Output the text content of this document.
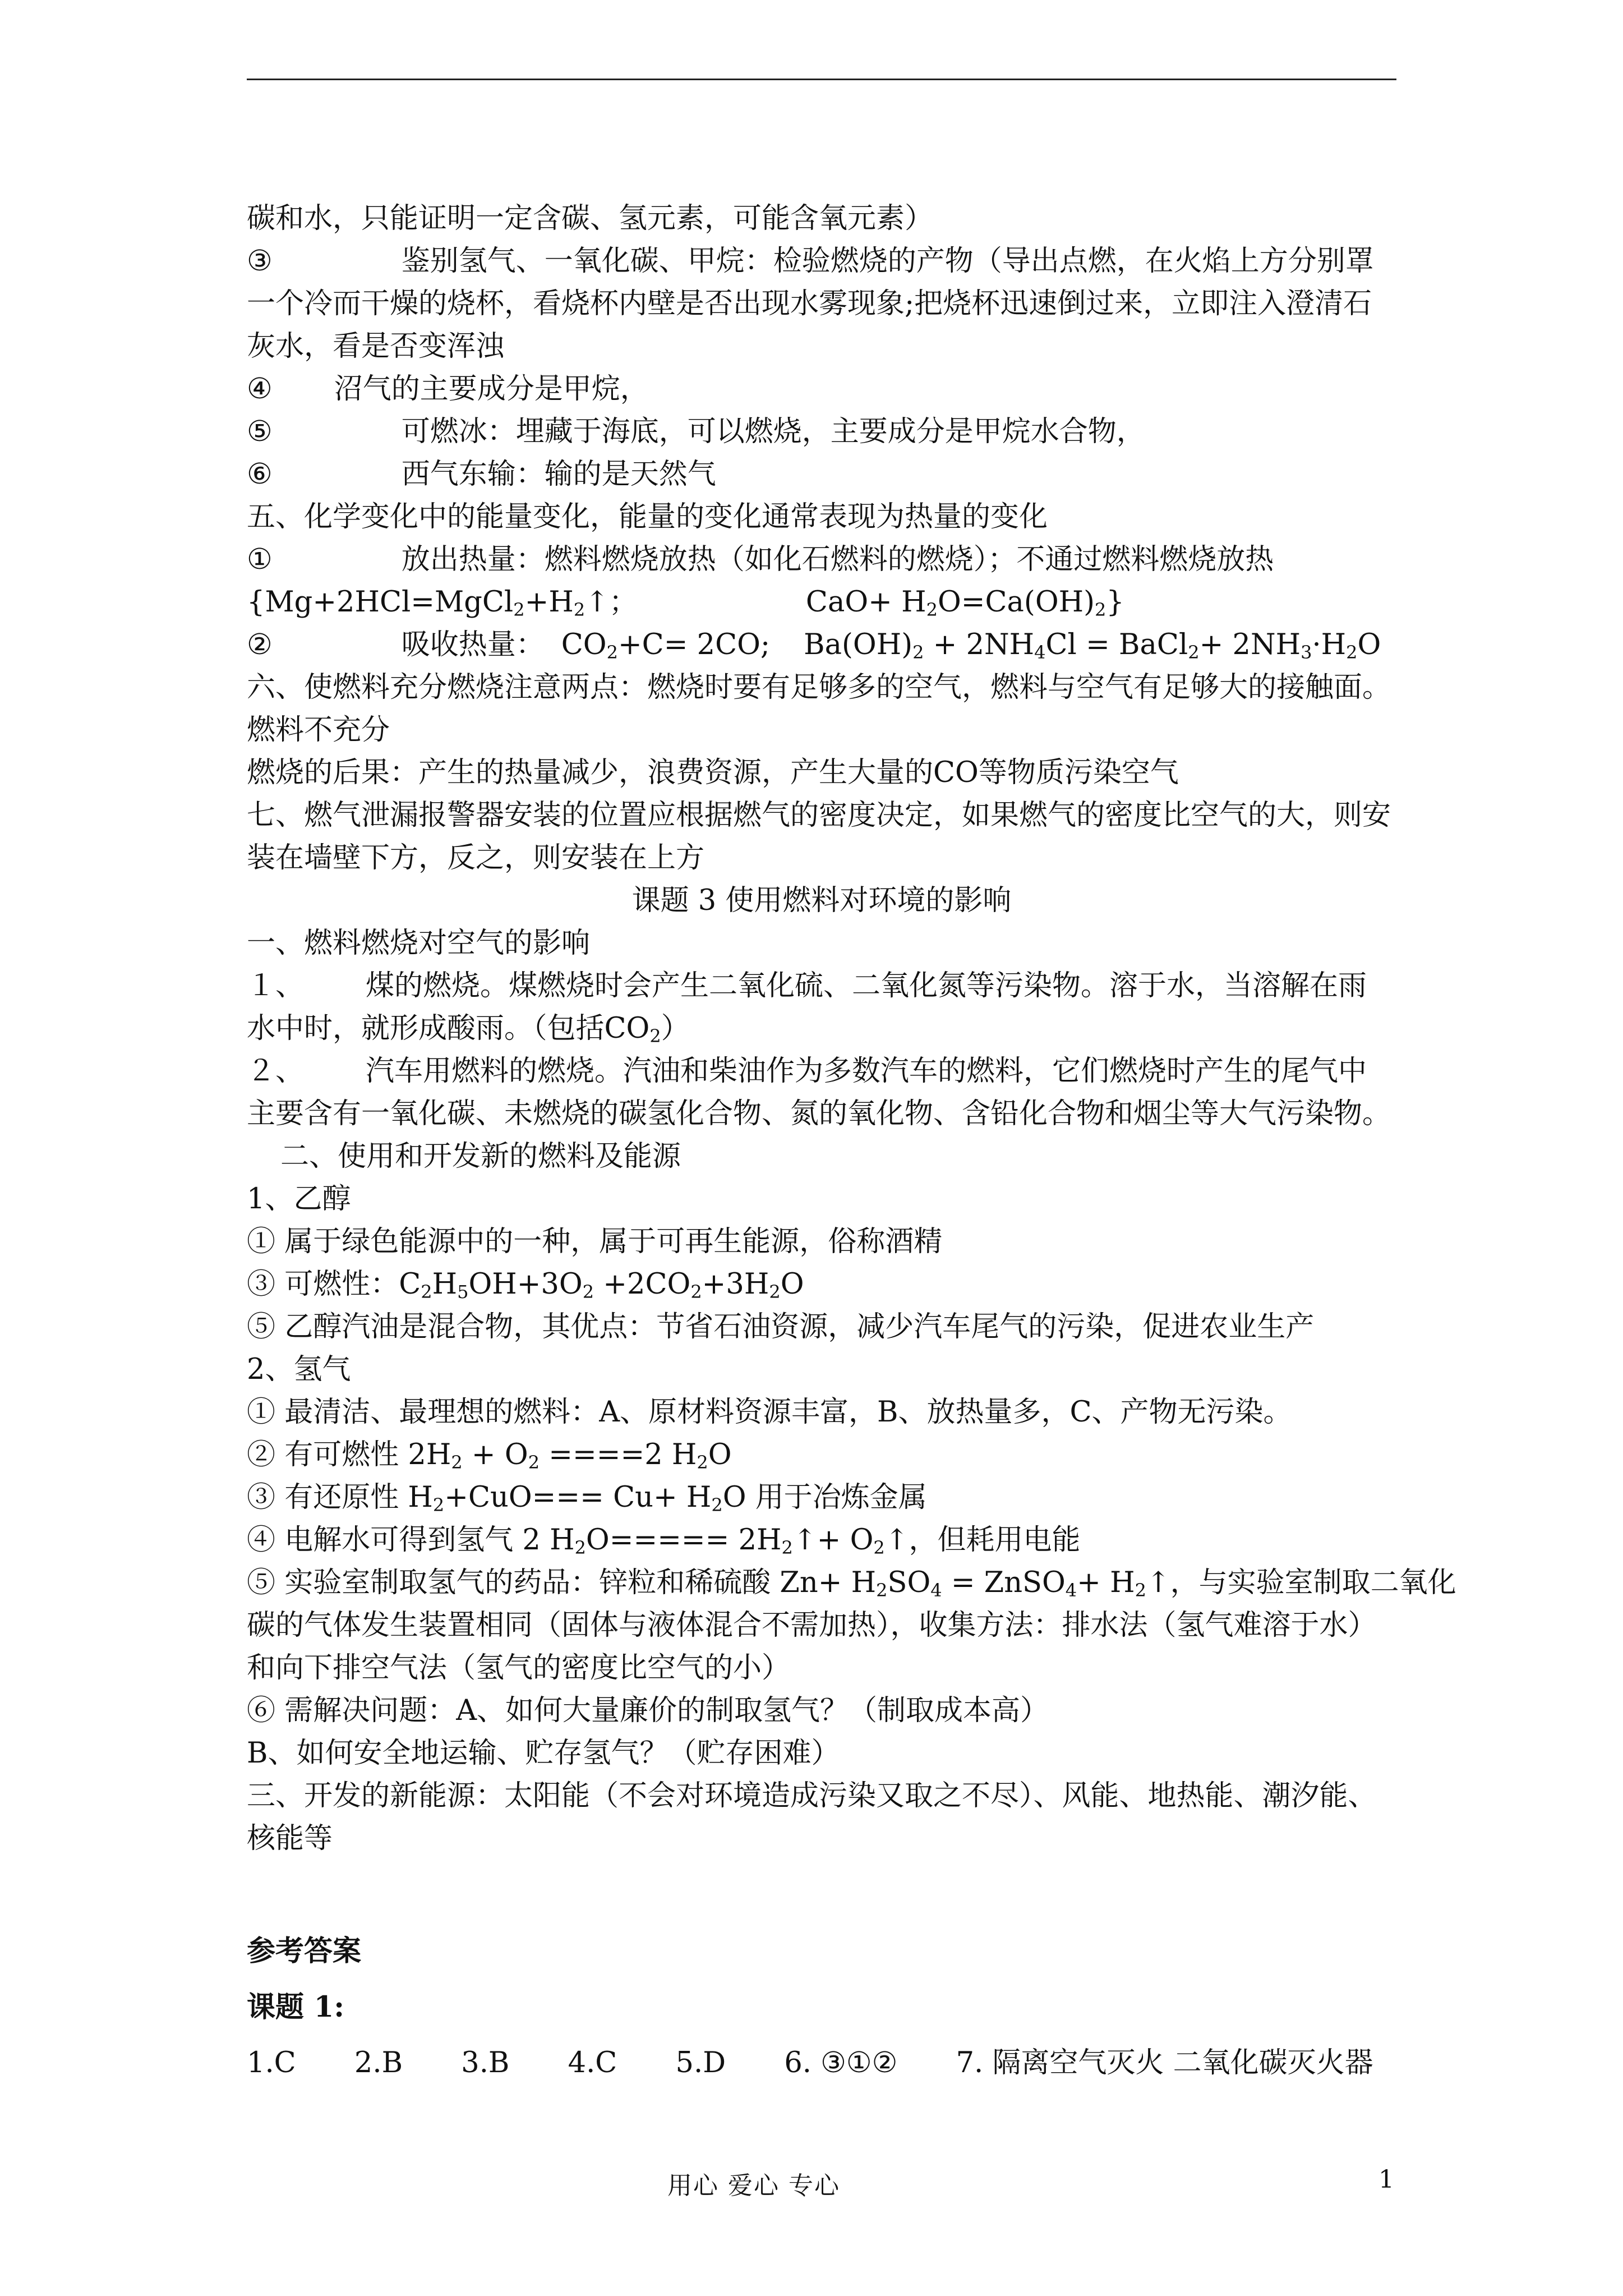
碳和水，只能证明一定含碳、氢元素，可能含氧元素）
③	鉴别氢气、一氧化碳、甲烷：检验燃烧的产物（导出点燃，在火焰上方分别罩
一个冷而干燥的烧杯，看烧杯内壁是否出现水雾现象;把烧杯迅速倒过来，立即注入澄清石
灰水，看是否变浑浊
④ 沼气的主要成分是甲烷，
⑤	可燃冰：埋藏于海底，可以燃烧，主要成分是甲烷水合物，
⑥	西气东输：输的是天然气
五、化学变化中的能量变化，能量的变化通常表现为热量的变化
①	放出热量：燃料燃烧放热（如化石燃料的燃烧）；不通过燃料燃烧放热
{$Mg+2HCl=MgCl_2+H_2↑$；	$CaO+ H_2O=Ca(OH)_2$}
②	吸收热量： $CO_2+C= 2CO$; $Ba(OH)_2 + 2NH_4Cl$ = BaCl$_2$+ $2NH_3\cdot H_2O$
六、使燃料充分燃烧注意两点：燃烧时要有足够多的空气，燃料与空气有足够大的接触面。
燃料不充分
燃烧的后果：产生的热量减少，浪费资源，产生大量的CO等物质污染空气
七、燃气泄漏报警器安装的位置应根据燃气的密度决定，如果燃气的密度比空气的大，则安
装在墙壁下方，反之，则安装在上方
课题 3 使用燃料对环境的影响
一、燃料燃烧对空气的影响
１、 煤的燃烧。煤燃烧时会产生二氧化硫、二氧化氮等污染物。溶于水，当溶解在雨
水中时，就形成酸雨。（包括$CO_2$）
２、 汽车用燃料的燃烧。汽油和柴油作为多数汽车的燃料，它们燃烧时产生的尾气中
主要含有一氧化碳、未燃烧的碳氢化合物、氮的氧化物、含铅化合物和烟尘等大气污染物。
二、使用和开发新的燃料及能源
1、乙醇
① 属于绿色能源中的一种，属于可再生能源，俗称酒精
③ 可燃性：$C_2H_5OH+3O_2 +2CO_2+3H_2O$
⑤ 乙醇汽油是混合物，其优点：节省石油资源，减少汽车尾气的污染，促进农业生产
2、氢气
① 最清洁、最理想的燃料：A、原材料资源丰富，B、放热量多，C、产物无污染。
② 有可燃性 $2H_2 + O_2 ====2$ $H_2O$
③ 有还原性 $H_2+CuO=== Cu+ H_2O$ 用于冶炼金属
④ 电解水可得到氢气 2 $H_2O=====$ $2H_2↑+$ $O_2↑$，但耗用电能
⑤ 实验室制取氢气的药品：锌粒和稀硫酸 $Zn+ H_2SO_4$ = ZnSO$_4$+ $H_2↑$，与实验室制取二氧化
碳的气体发生装置相同（固体与液体混合不需加热），收集方法：排水法（氢气难溶于水）
和向下排空气法（氢气的密度比空气的小）
⑥ 需解决问题：A、如何大量廉价的制取氢气？（制取成本高）
B、如何安全地运输、贮存氢气？（贮存困难）
三、开发的新能源：太阳能（不会对环境造成污染又取之不尽）、风能、地热能、潮汐能、
核能等
参考答案
课题 1:
1.C 2.B 3.B 4.C 5.D 6. ③①② 7. 隔离空气灭火 二氧化碳灭火器
用心 爱心 专心	1
